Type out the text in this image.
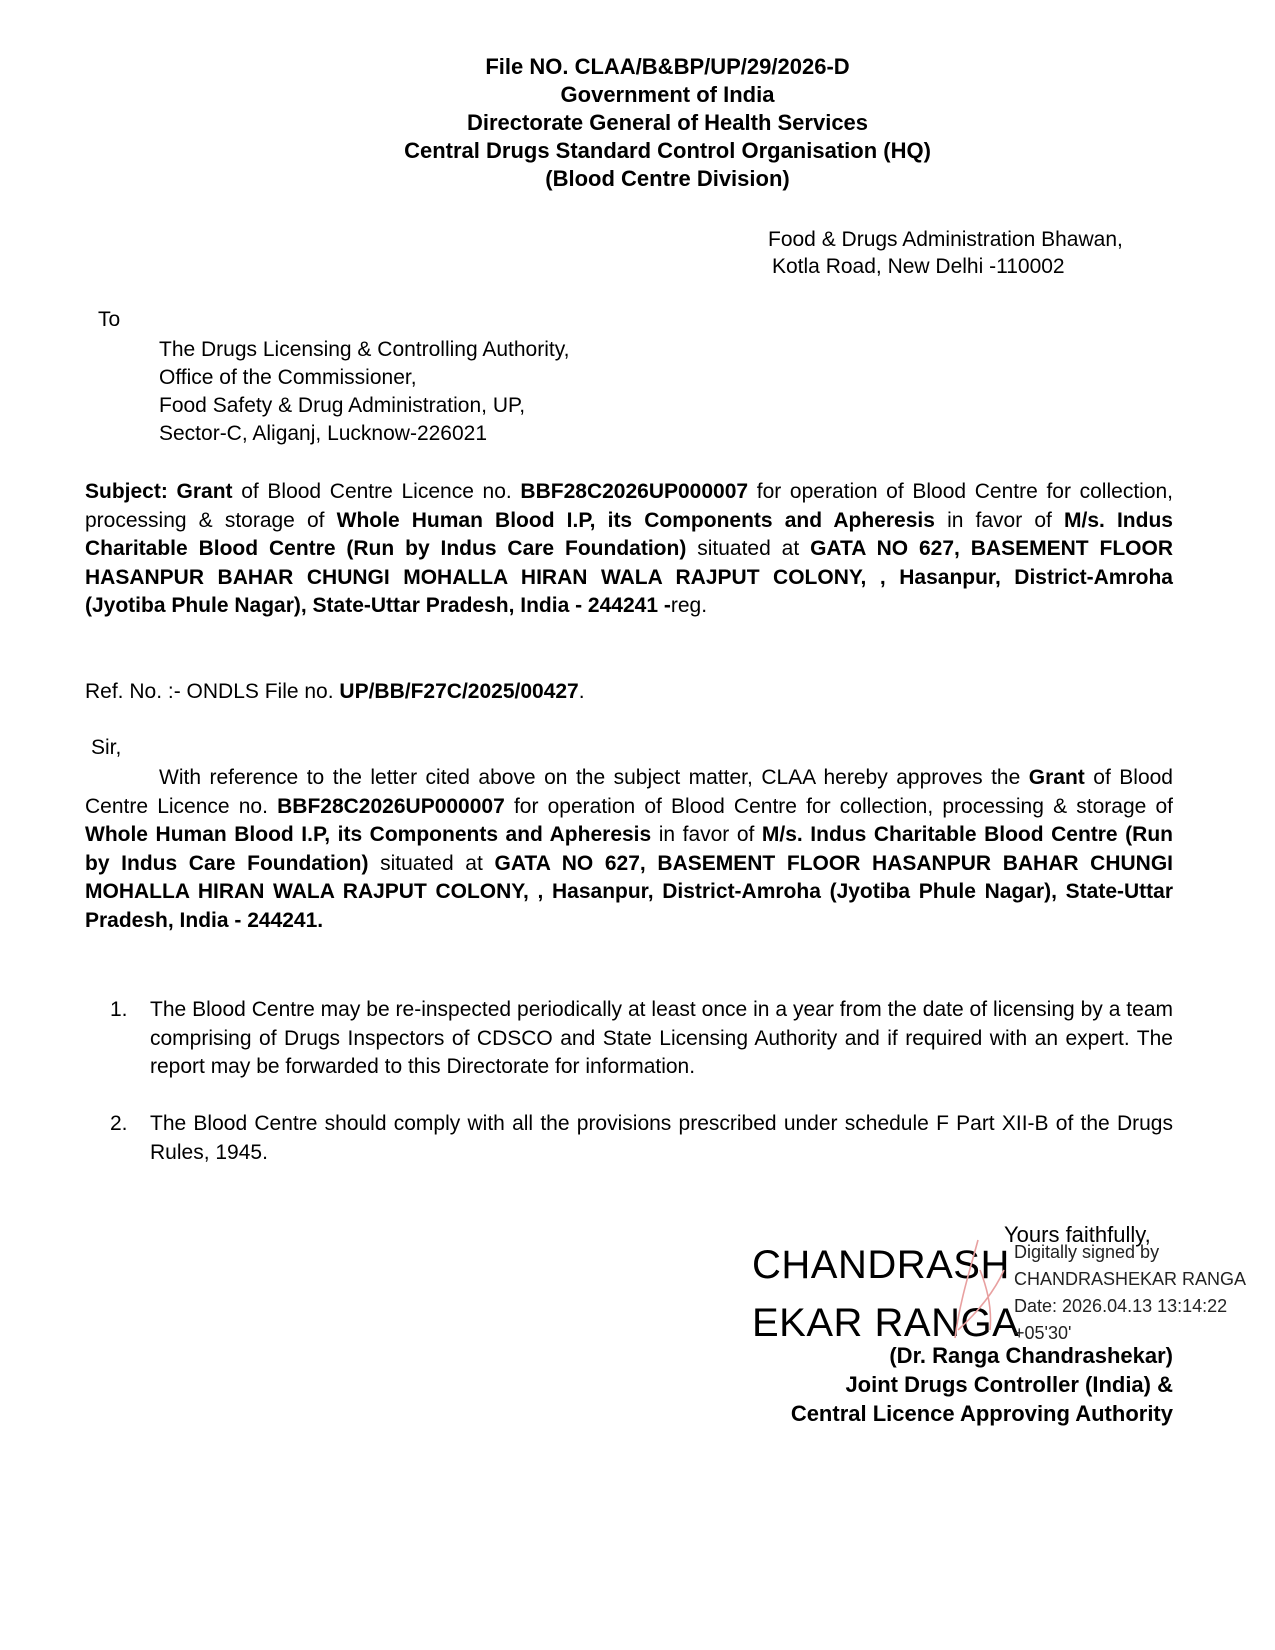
File NO. CLAA/B&BP/UP/29/2026-D
Government of India
Directorate General of Health Services
Central Drugs Standard Control Organisation (HQ)
(Blood Centre Division)
Food & Drugs Administration Bhawan,
Kotla Road, New Delhi -110002
To
The Drugs Licensing & Controlling Authority,
Office of the Commissioner,
Food Safety & Drug Administration, UP,
Sector-C, Aliganj, Lucknow-226021
Subject: Grant of Blood Centre Licence no. BBF28C2026UP000007 for operation of Blood Centre for collection, processing & storage of Whole Human Blood I.P, its Components and Apheresis in favor of M/s. Indus Charitable Blood Centre (Run by Indus Care Foundation) situated at GATA NO 627, BASEMENT FLOOR HASANPUR BAHAR CHUNGI MOHALLA HIRAN WALA RAJPUT COLONY, , Hasanpur, District-Amroha (Jyotiba Phule Nagar), State-Uttar Pradesh, India - 244241 -reg.
Ref. No. :- ONDLS File no. UP/BB/F27C/2025/00427.
Sir,
With reference to the letter cited above on the subject matter, CLAA hereby approves the Grant of Blood Centre Licence no. BBF28C2026UP000007 for operation of Blood Centre for collection, processing & storage of Whole Human Blood I.P, its Components and Apheresis in favor of M/s. Indus Charitable Blood Centre (Run by Indus Care Foundation) situated at GATA NO 627, BASEMENT FLOOR HASANPUR BAHAR CHUNGI MOHALLA HIRAN WALA RAJPUT COLONY, , Hasanpur, District-Amroha (Jyotiba Phule Nagar), State-Uttar Pradesh, India - 244241.
1. The Blood Centre may be re-inspected periodically at least once in a year from the date of licensing by a team comprising of Drugs Inspectors of CDSCO and State Licensing Authority and if required with an expert. The report may be forwarded to this Directorate for information.
2. The Blood Centre should comply with all the provisions prescribed under schedule F Part XII-B of the Drugs Rules, 1945.
Yours faithfully,
CHANDRASH
EKAR RANGA
Digitally signed by
CHANDRASHEKAR RANGA
Date: 2026.04.13 13:14:22
+05'30'
(Dr. Ranga Chandrashekar)
Joint Drugs Controller (India) &
Central Licence Approving Authority
